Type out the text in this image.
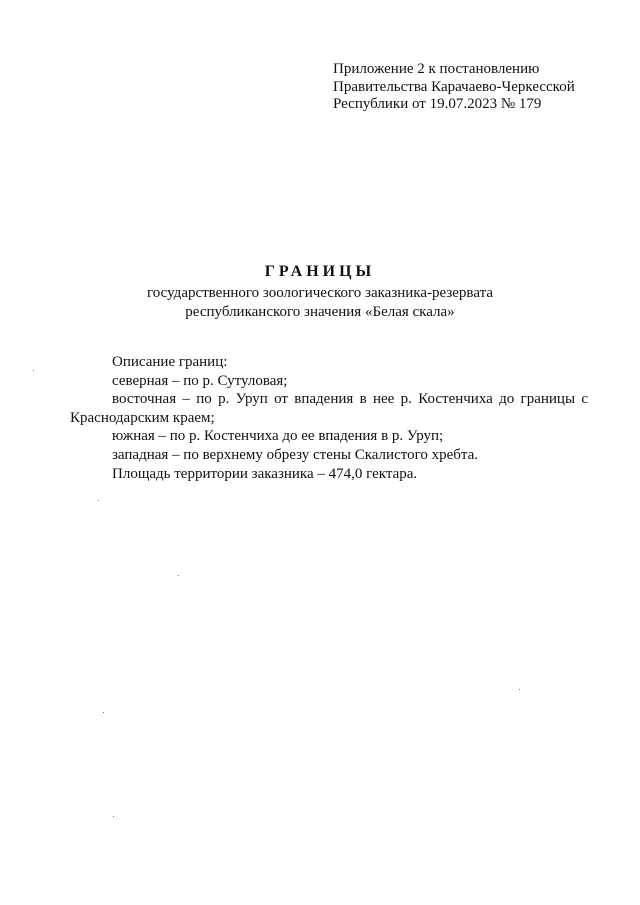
Приложение 2 к постановлению
Правительства Карачаево-Черкесской
Республики от 19.07.2023 № 179
ГРАНИЦЫ
государственного зоологического заказника-резервата
республиканского значения «Белая скала»
Описание границ:
северная – по р. Сутуловая;
восточная – по р. Уруп от впадения в нее р. Костенчиха до границы с
Краснодарским краем;
южная – по р. Костенчиха до ее впадения в р. Уруп;
западная – по верхнему обрезу стены Скалистого хребта.
Площадь территории заказника – 474,0 гектара.
